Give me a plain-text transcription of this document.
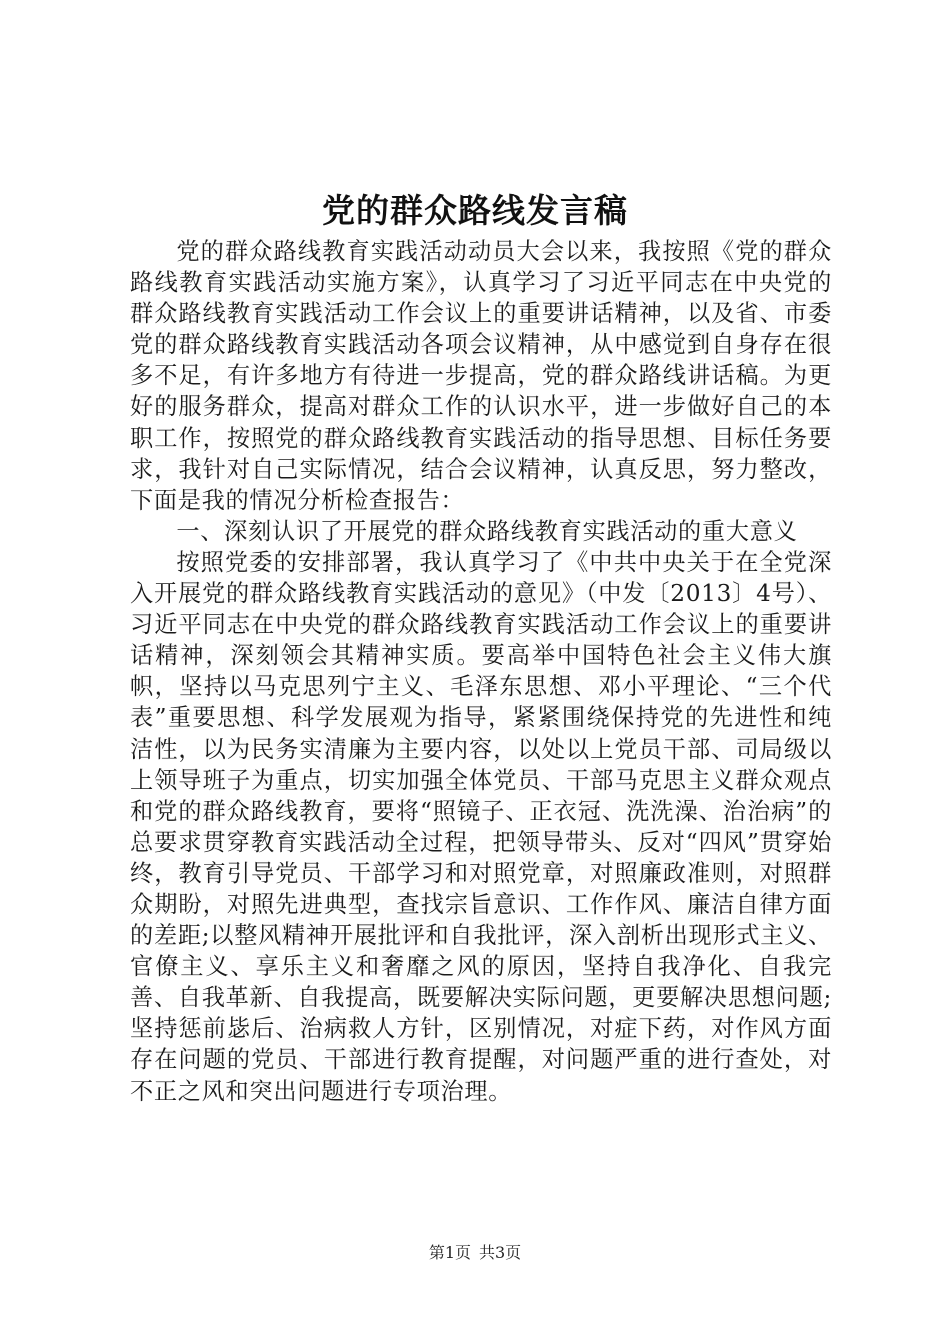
党的群众路线发言稿

党的群众路线教育实践活动动员大会以来，我按照《党的群众路线教育实践活动实施方案》，认真学习了习近平同志在中央党的群众路线教育实践活动工作会议上的重要讲话精神，以及省、市委党的群众路线教育实践活动各项会议精神，从中感觉到自身存在很多不足，有许多地方有待进一步提高，党的群众路线讲话稿。为更好的服务群众，提高对群众工作的认识水平，进一步做好自己的本职工作，按照党的群众路线教育实践活动的指导思想、目标任务要求，我针对自己实际情况，结合会议精神，认真反思，努力整改，下面是我的情况分析检查报告：

一、深刻认识了开展党的群众路线教育实践活动的重大意义

按照党委的安排部署，我认真学习了《中共中央关于在全党深入开展党的群众路线教育实践活动的意见》（中发〔2013〕4号）、习近平同志在中央党的群众路线教育实践活动工作会议上的重要讲话精神，深刻领会其精神实质。要高举中国特色社会主义伟大旗帜，坚持以马克思列宁主义、毛泽东思想、邓小平理论、“三个代表”重要思想、科学发展观为指导，紧紧围绕保持党的先进性和纯洁性，以为民务实清廉为主要内容，以处以上党员干部、司局级以上领导班子为重点，切实加强全体党员、干部马克思主义群众观点和党的群众路线教育，要将“照镜子、正衣冠、洗洗澡、治治病”的总要求贯穿教育实践活动全过程，把领导带头、反对“四风”贯穿始终，教育引导党员、干部学习和对照党章，对照廉政准则，对照群众期盼，对照先进典型，查找宗旨意识、工作作风、廉洁自律方面的差距;以整风精神开展批评和自我批评，深入剖析出现形式主义、官僚主义、享乐主义和奢靡之风的原因，坚持自我净化、自我完善、自我革新、自我提高，既要解决实际问题，更要解决思想问题;坚持惩前毖后、治病救人方针，区别情况，对症下药，对作风方面存在问题的党员、干部进行教育提醒，对问题严重的进行查处，对不正之风和突出问题进行专项治理。

第1页 共3页
